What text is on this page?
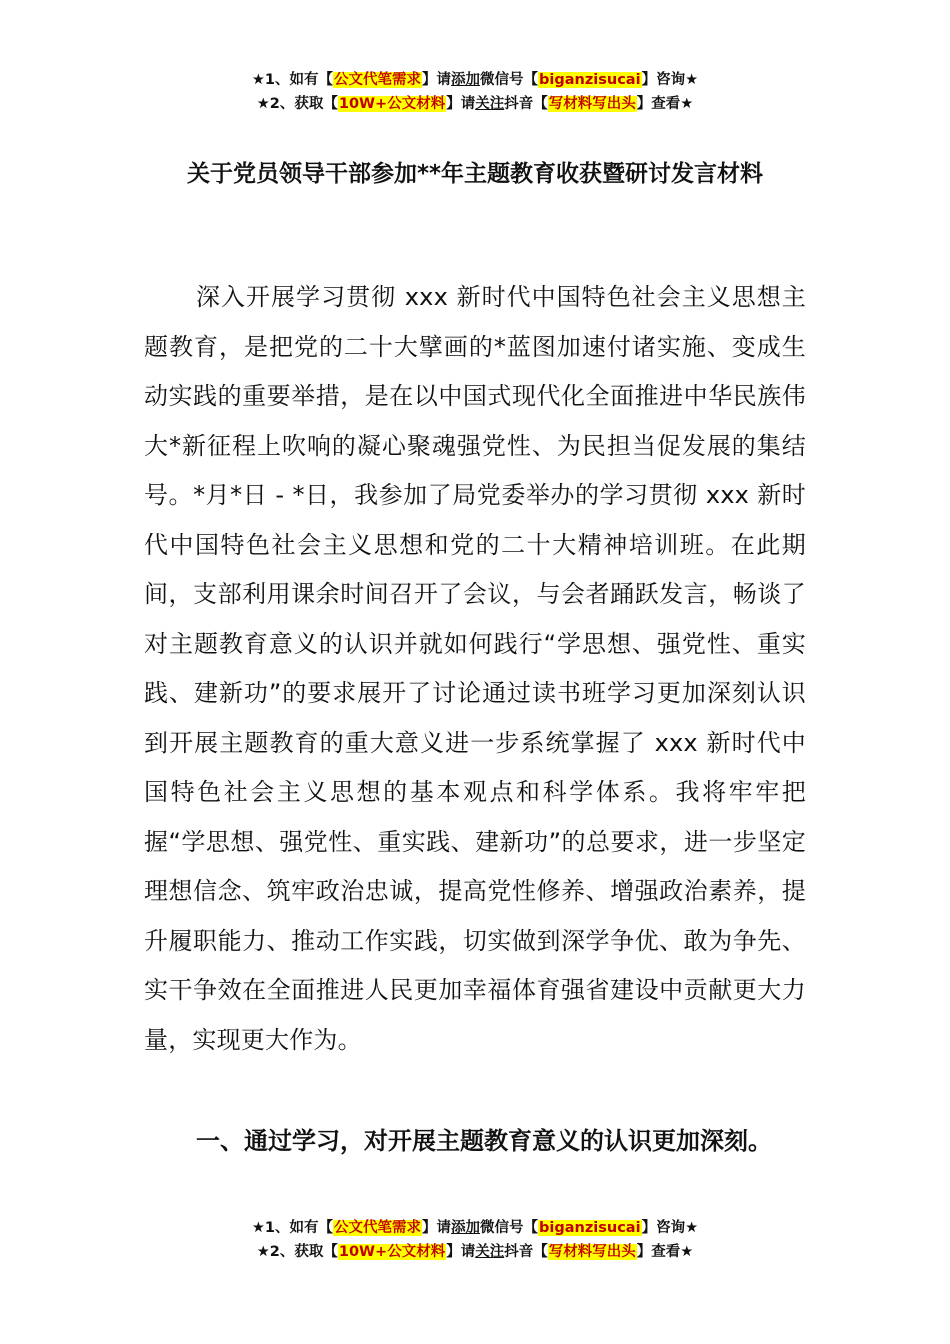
★1、如有【公文代笔需求】请添加微信号【biganzisucai】咨询★
★2、获取【10W+公文材料】请关注抖音【写材料写出头】查看★
关于党员领导干部参加**年主题教育收获暨研讨发言材料

深入开展学习贯彻 xxx 新时代中国特色社会主义思想主题教育，是把党的二十大擘画的*蓝图加速付诸实施、变成生动实践的重要举措，是在以中国式现代化全面推进中华民族伟大*新征程上吹响的凝心聚魂强党性、为民担当促发展的集结号。*月*日 - *日，我参加了局党委举办的学习贯彻 xxx 新时代中国特色社会主义思想和党的二十大精神培训班。在此期间，支部利用课余时间召开了会议，与会者踊跃发言，畅谈了对主题教育意义的认识并就如何践行“学思想、强党性、重实践、建新功”的要求展开了讨论通过读书班学习更加深刻认识到开展主题教育的重大意义进一步系统掌握了 xxx 新时代中国特色社会主义思想的基本观点和科学体系。我将牢牢把握“学思想、强党性、重实践、建新功”的总要求，进一步坚定理想信念、筑牢政治忠诚，提高党性修养、增强政治素养，提升履职能力、推动工作实践，切实做到深学争优、敢为争先、实干争效在全面推进人民更加幸福体育强省建设中贡献更大力量，实现更大作为。

一、通过学习，对开展主题教育意义的认识更加深刻。

★1、如有【公文代笔需求】请添加微信号【biganzisucai】咨询★
★2、获取【10W+公文材料】请关注抖音【写材料写出头】查看★
